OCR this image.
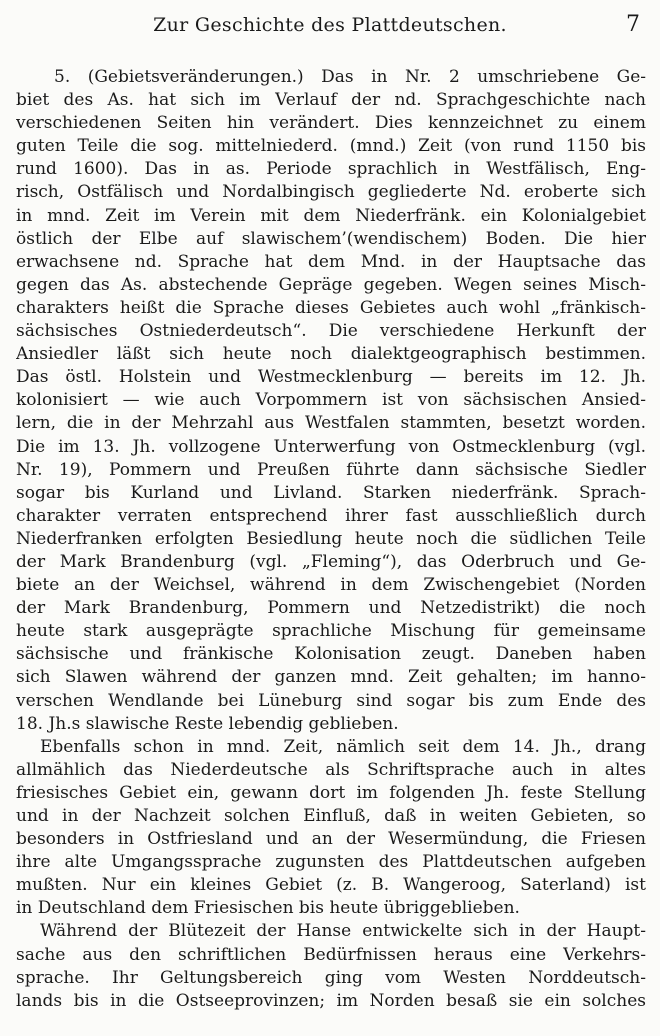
Zur Geschichte des Plattdeutschen.	7
5. (Gebietsveränderungen.) Das in Nr. 2 umschriebene Ge-
biet des As. hat sich im Verlauf der nd. Sprachgeschichte nach
verschiedenen Seiten hin verändert. Dies kennzeichnet zu einem
guten Teile die sog. mittelniederd. (mnd.) Zeit (von rund 1150 bis
rund 1600). Das in as. Periode sprachlich in Westfälisch, Eng-
risch, Ostfälisch und Nordalbingisch gegliederte Nd. eroberte sich
in mnd. Zeit im Verein mit dem Niederfränk. ein Kolonialgebiet
östlich der Elbe auf slawischem’(wendischem) Boden. Die hier
erwachsene nd. Sprache hat dem Mnd. in der Hauptsache das
gegen das As. abstechende Gepräge gegeben. Wegen seines Misch-
charakters heißt die Sprache dieses Gebietes auch wohl „fränkisch-
sächsisches Ostniederdeutsch“. Die verschiedene Herkunft der
Ansiedler läßt sich heute noch dialektgeographisch bestimmen.
Das östl. Holstein und Westmecklenburg — bereits im 12. Jh.
kolonisiert — wie auch Vorpommern ist von sächsischen Ansied-
lern, die in der Mehrzahl aus Westfalen stammten, besetzt worden.
Die im 13. Jh. vollzogene Unterwerfung von Ostmecklenburg (vgl.
Nr. 19), Pommern und Preußen führte dann sächsische Siedler
sogar bis Kurland und Livland. Starken niederfränk. Sprach-
charakter verraten entsprechend ihrer fast ausschließlich durch
Niederfranken erfolgten Besiedlung heute noch die südlichen Teile
der Mark Brandenburg (vgl. „Fleming“), das Oderbruch und Ge-
biete an der Weichsel, während in dem Zwischengebiet (Norden
der Mark Brandenburg, Pommern und Netzedistrikt) die noch
heute stark ausgeprägte sprachliche Mischung für gemeinsame
sächsische und fränkische Kolonisation zeugt. Daneben haben
sich Slawen während der ganzen mnd. Zeit gehalten; im hanno-
verschen Wendlande bei Lüneburg sind sogar bis zum Ende des
18. Jh.s slawische Reste lebendig geblieben.
Ebenfalls schon in mnd. Zeit, nämlich seit dem 14. Jh., drang
allmählich das Niederdeutsche als Schriftsprache auch in altes
friesisches Gebiet ein, gewann dort im folgenden Jh. feste Stellung
und in der Nachzeit solchen Einfluß, daß in weiten Gebieten, so
besonders in Ostfriesland und an der Wesermündung, die Friesen
ihre alte Umgangssprache zugunsten des Plattdeutschen aufgeben
mußten. Nur ein kleines Gebiet (z. B. Wangeroog, Saterland) ist
in Deutschland dem Friesischen bis heute übriggeblieben.
Während der Blütezeit der Hanse entwickelte sich in der Haupt-
sache aus den schriftlichen Bedürfnissen heraus eine Verkehrs-
sprache. Ihr Geltungsbereich ging vom Westen Norddeutsch-
lands bis in die Ostseeprovinzen; im Norden besaß sie ein solches
